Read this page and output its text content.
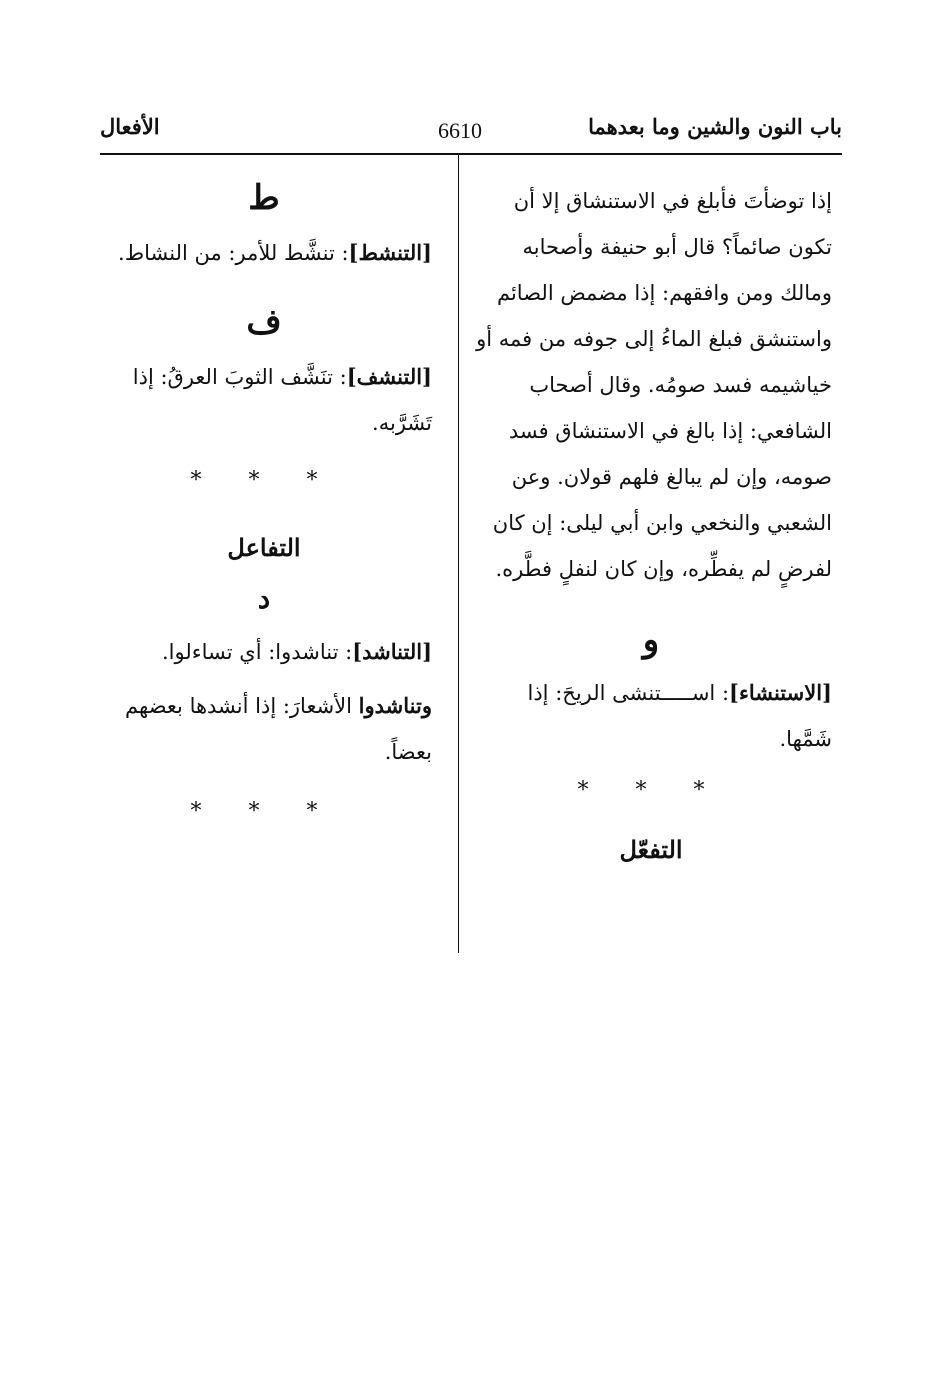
باب النون والشين وما بعدهما
6610
الأفعال
إذا توضأتَ فأبلغ في الاستنشاق إلا أن
تكون صائماً؟ قال أبو حنيفة وأصحابه
ومالك ومن وافقهم: إذا مضمض الصائم
واستنشق فبلغ الماءُ إلى جوفه من فمه أو
خياشيمه فسد صومُه. وقال أصحاب
الشافعي: إذا بالغ في الاستنشاق فسد
صومه، وإن لم يبالغ فلهم قولان. وعن
الشعبي والنخعي وابن أبي ليلى: إن كان
لفرضٍ لم يفطِّره، وإن كان لنفلٍ فطَّره.
و
[الاستنشاء]: اســـــتنشى الريحَ: إذا
شَمَّها.
* * *
التفعّل
ط
[التنشط]: تنشَّط للأمر: من النشاط.
ف
[التنشف]: تنَشَّف الثوبَ العرقُ: إذا
تَشَرَّبه.
* * *
التفاعل
د
[التناشد]: تناشدوا: أي تساءلوا.
وتناشدوا الأشعارَ: إذا أنشدها بعضهم
بعضاً.
* * *
